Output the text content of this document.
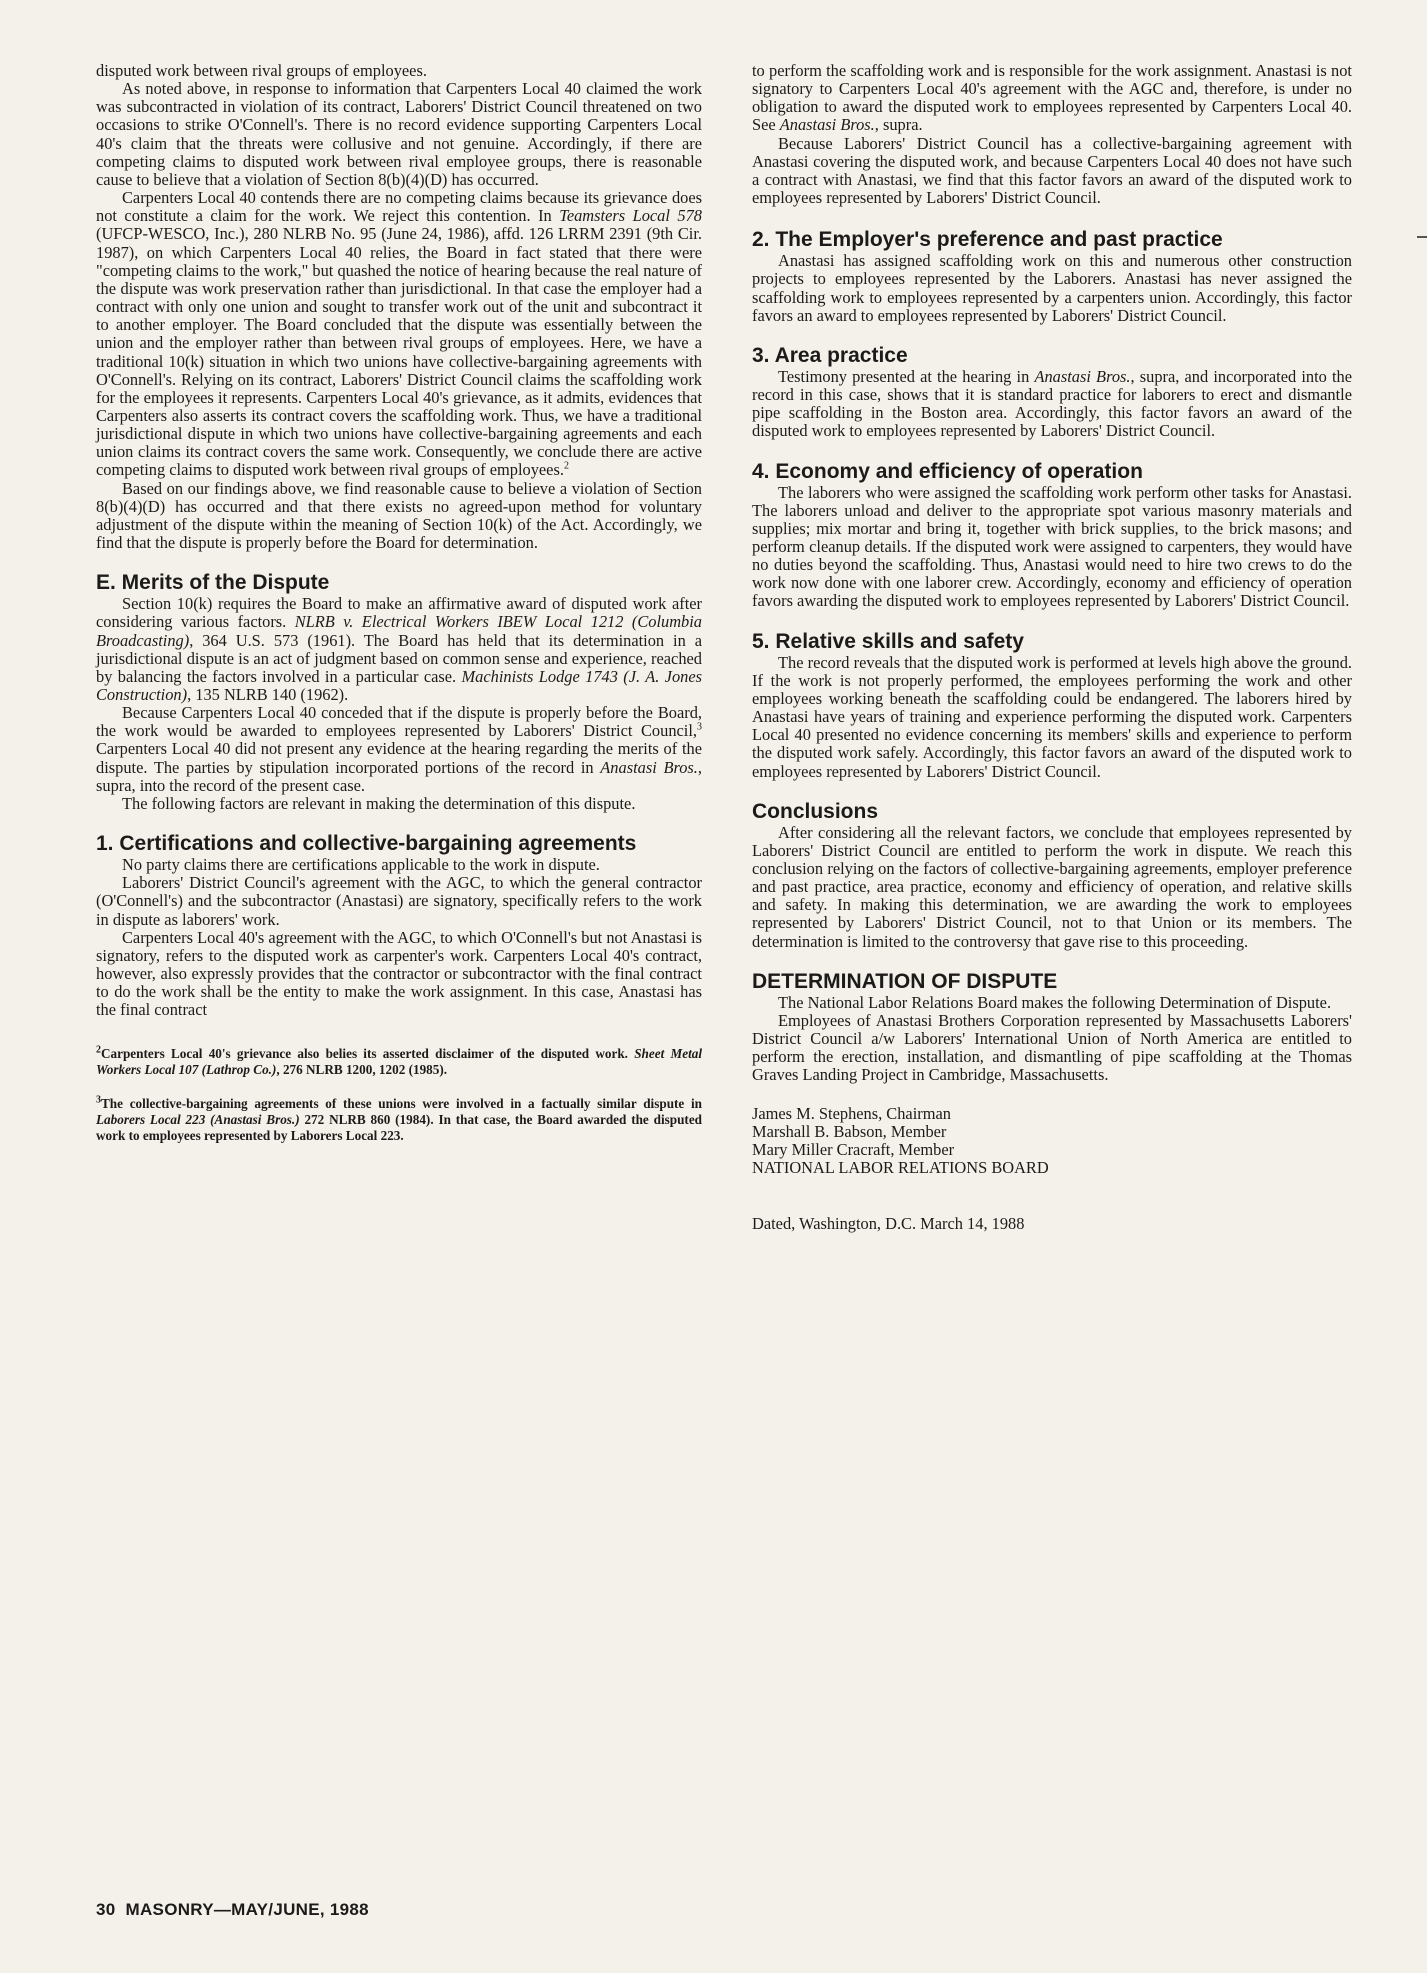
disputed work between rival groups of employees.

As noted above, in response to information that Carpenters Local 40 claimed the work was subcontracted in violation of its contract, Laborers' District Council threatened on two occasions to strike O'Connell's. There is no record evidence supporting Carpenters Local 40's claim that the threats were collusive and not genuine. Accordingly, if there are competing claims to disputed work between rival employee groups, there is reasonable cause to believe that a violation of Section 8(b)(4)(D) has occurred.

Carpenters Local 40 contends there are no competing claims because its grievance does not constitute a claim for the work. We reject this contention. In Teamsters Local 578 (UFCP-WESCO, Inc.), 280 NLRB No. 95 (June 24, 1986), affd. 126 LRRM 2391 (9th Cir. 1987), on which Carpenters Local 40 relies, the Board in fact stated that there were "competing claims to the work," but quashed the notice of hearing because the real nature of the dispute was work preservation rather than jurisdictional. In that case the employer had a contract with only one union and sought to transfer work out of the unit and subcontract it to another employer. The Board concluded that the dispute was essentially between the union and the employer rather than between rival groups of employees. Here, we have a traditional 10(k) situation in which two unions have collective-bargaining agreements with O'Connell's. Relying on its contract, Laborers' District Council claims the scaffolding work for the employees it represents. Carpenters Local 40's grievance, as it admits, evidences that Carpenters also asserts its contract covers the scaffolding work. Thus, we have a traditional jurisdictional dispute in which two unions have collective-bargaining agreements and each union claims its contract covers the same work. Consequently, we conclude there are active competing claims to disputed work between rival groups of employees.$^2$

Based on our findings above, we find reasonable cause to believe a violation of Section 8(b)(4)(D) has occurred and that there exists no agreed-upon method for voluntary adjustment of the dispute within the meaning of Section 10(k) of the Act. Accordingly, we find that the dispute is properly before the Board for determination.

E. Merits of the Dispute

Section 10(k) requires the Board to make an affirmative award of disputed work after considering various factors. NLRB v. Electrical Workers IBEW Local 1212 (Columbia Broadcasting), 364 U.S. 573 (1961). The Board has held that its determination in a jurisdictional dispute is an act of judgment based on common sense and experience, reached by balancing the factors involved in a particular case. Machinists Lodge 1743 (J. A. Jones Construction), 135 NLRB 140 (1962).

Because Carpenters Local 40 conceded that if the dispute is properly before the Board, the work would be awarded to employees represented by Laborers' District Council,$^3$ Carpenters Local 40 did not present any evidence at the hearing regarding the merits of the dispute. The parties by stipulation incorporated portions of the record in Anastasi Bros., supra, into the record of the present case.

The following factors are relevant in making the determination of this dispute.

1. Certifications and collective-bargaining agreements

No party claims there are certifications applicable to the work in dispute.

Laborers' District Council's agreement with the AGC, to which the general contractor (O'Connell's) and the subcontractor (Anastasi) are signatory, specifically refers to the work in dispute as laborers' work.

Carpenters Local 40's agreement with the AGC, to which O'Connell's but not Anastasi is signatory, refers to the disputed work as carpenter's work. Carpenters Local 40's contract, however, also expressly provides that the contractor or subcontractor with the final contract to do the work shall be the entity to make the work assignment. In this case, Anastasi has the final contract

$^2$Carpenters Local 40's grievance also belies its asserted disclaimer of the disputed work. Sheet Metal Workers Local 107 (Lathrop Co.), 276 NLRB 1200, 1202 (1985).

$^3$The collective-bargaining agreements of these unions were involved in a factually similar dispute in Laborers Local 223 (Anastasi Bros.) 272 NLRB 860 (1984). In that case, the Board awarded the disputed work to employees represented by Laborers Local 223.

to perform the scaffolding work and is responsible for the work assignment. Anastasi is not signatory to Carpenters Local 40's agreement with the AGC and, therefore, is under no obligation to award the disputed work to employees represented by Carpenters Local 40. See Anastasi Bros., supra.

Because Laborers' District Council has a collective-bargaining agreement with Anastasi covering the disputed work, and because Carpenters Local 40 does not have such a contract with Anastasi, we find that this factor favors an award of the disputed work to employees represented by Laborers' District Council.

2. The Employer's preference and past practice

Anastasi has assigned scaffolding work on this and numerous other construction projects to employees represented by the Laborers. Anastasi has never assigned the scaffolding work to employees represented by a carpenters union. Accordingly, this factor favors an award to employees represented by Laborers' District Council.

3. Area practice

Testimony presented at the hearing in Anastasi Bros., supra, and incorporated into the record in this case, shows that it is standard practice for laborers to erect and dismantle pipe scaffolding in the Boston area. Accordingly, this factor favors an award of the disputed work to employees represented by Laborers' District Council.

4. Economy and efficiency of operation

The laborers who were assigned the scaffolding work perform other tasks for Anastasi. The laborers unload and deliver to the appropriate spot various masonry materials and supplies; mix mortar and bring it, together with brick supplies, to the brick masons; and perform cleanup details. If the disputed work were assigned to carpenters, they would have no duties beyond the scaffolding. Thus, Anastasi would need to hire two crews to do the work now done with one laborer crew. Accordingly, economy and efficiency of operation favors awarding the disputed work to employees represented by Laborers' District Council.

5. Relative skills and safety

The record reveals that the disputed work is performed at levels high above the ground. If the work is not properly performed, the employees performing the work and other employees working beneath the scaffolding could be endangered. The laborers hired by Anastasi have years of training and experience performing the disputed work. Carpenters Local 40 presented no evidence concerning its members' skills and experience to perform the disputed work safely. Accordingly, this factor favors an award of the disputed work to employees represented by Laborers' District Council.

Conclusions

After considering all the relevant factors, we conclude that employees represented by Laborers' District Council are entitled to perform the work in dispute. We reach this conclusion relying on the factors of collective-bargaining agreements, employer preference and past practice, area practice, economy and efficiency of operation, and relative skills and safety. In making this determination, we are awarding the work to employees represented by Laborers' District Council, not to that Union or its members. The determination is limited to the controversy that gave rise to this proceeding.

DETERMINATION OF DISPUTE

The National Labor Relations Board makes the following Determination of Dispute.

Employees of Anastasi Brothers Corporation represented by Massachusetts Laborers' District Council a/w Laborers' International Union of North America are entitled to perform the erection, installation, and dismantling of pipe scaffolding at the Thomas Graves Landing Project in Cambridge, Massachusetts.

James M. Stephens, Chairman

Marshall B. Babson, Member

Mary Miller Cracraft, Member

NATIONAL LABOR RELATIONS BOARD

Dated, Washington, D.C. March 14, 1988

30 MASONRY—MAY/JUNE, 1988
